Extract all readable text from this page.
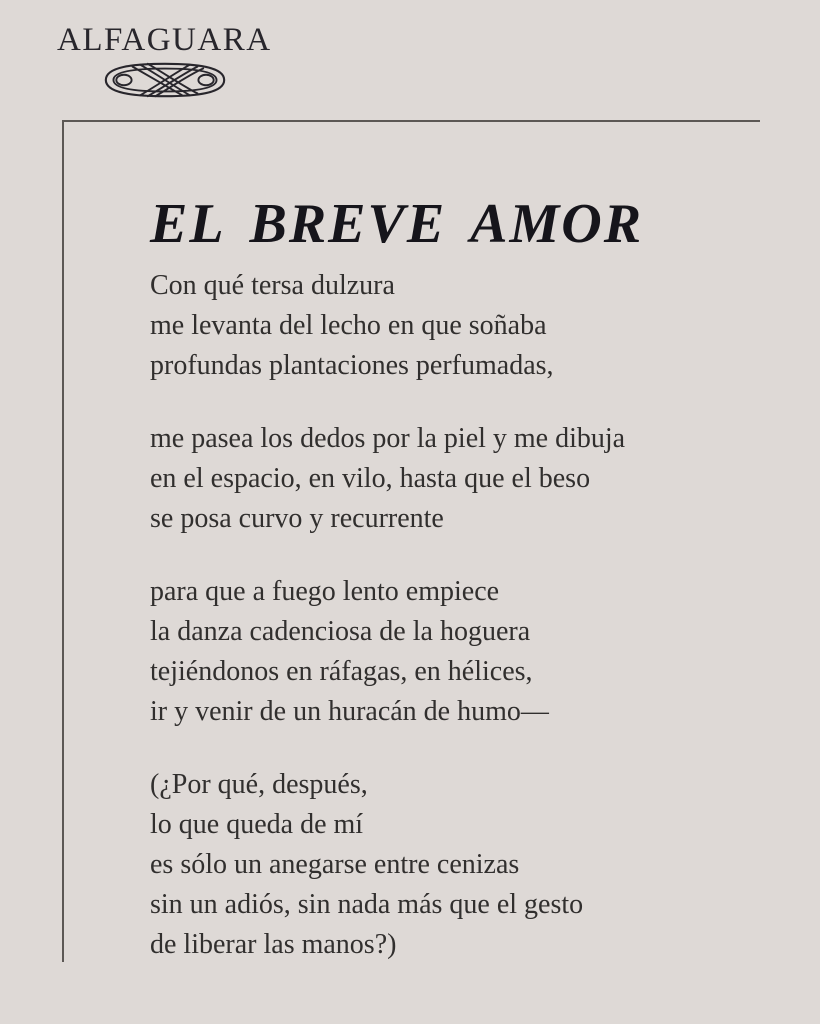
ALFAGUARA
EL BREVE AMOR
Con qué tersa dulzura
me levanta del lecho en que soñaba
profundas plantaciones perfumadas,
me pasea los dedos por la piel y me dibuja
en el espacio, en vilo, hasta que el beso
se posa curvo y recurrente
para que a fuego lento empiece
la danza cadenciosa de la hoguera
tejiéndonos en ráfagas, en hélices,
ir y venir de un huracán de humo—
(¿Por qué, después,
lo que queda de mí
es sólo un anegarse entre cenizas
sin un adiós, sin nada más que el gesto
de liberar las manos?)
